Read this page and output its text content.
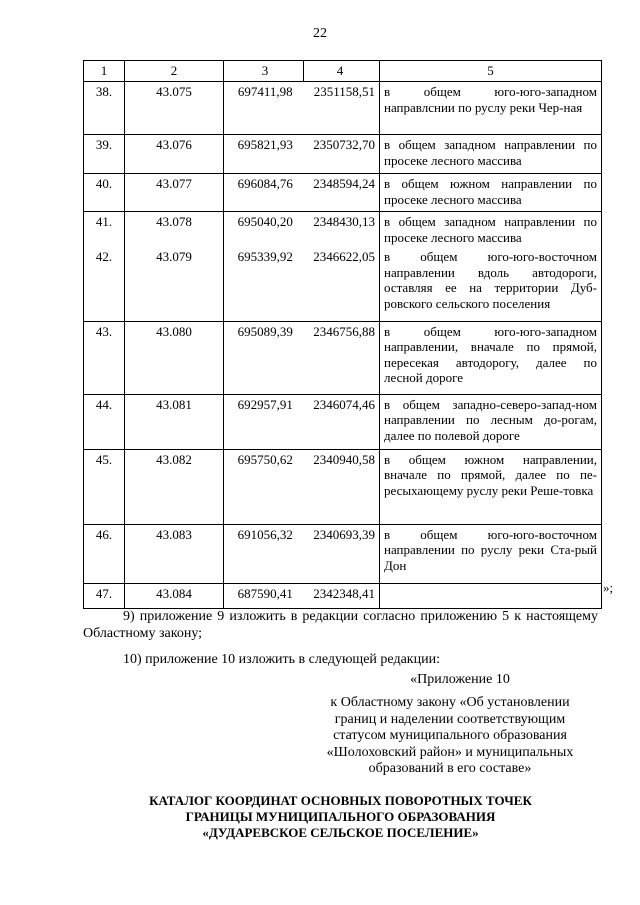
22
1	2	3	4	5
38.	43.075	697411,98	2351158,51	в общем юго-юго-западном направлснии по руслу реки Чер-ная
39.	43.076	695821,93	2350732,70	в общем западном направлении по просеке лесного массива
40.	43.077	696084,76	2348594,24	в общем южном направлении по просеке лесного массива
41.	43.078	695040,20	2348430,13	в общем западном направлении по просеке лесного массива
42.	43.079	695339,92	2346622,05	в общем юго-юго-восточном направлении вдоль автодороги, оставляя ее на территории Дуб-ровского сельского поселения
43.	43.080	695089,39	2346756,88	в общем юго-юго-западном направлении, вначале по прямой, пересекая автодорогу, далее по лесной дороге
44.	43.081	692957,91	2346074,46	в общем западно-северо-запад-ном направлении по лесным до-рогам, далее по полевой дороге
45.	43.082	695750,62	2340940,58	в общем южном направлении, вначале по прямой, далее по пе-ресыхающему руслу реки Реше-товка
46.	43.083	691056,32	2340693,39	в общем юго-юго-восточном направлении по руслу реки Ста-рый Дон
47.	43.084	687590,41	2342348,41		»;
9) приложение 9 изложить в редакции согласно приложению 5 к настоящему Областному закону;
10) приложение 10 изложить в следующей редакции:
«Приложение 10
к Областному закону «Об установлении
границ и наделении соответствующим
статусом муниципального образования
«Шолоховский район» и муниципальных
образований в его составе»
КАТАЛОГ КООРДИНАТ ОСНОВНЫХ ПОВОРОТНЫХ ТОЧЕК
ГРАНИЦЫ МУНИЦИПАЛЬНОГО ОБРАЗОВАНИЯ
«ДУДАРЕВСКОЕ СЕЛЬСКОЕ ПОСЕЛЕНИЕ»
